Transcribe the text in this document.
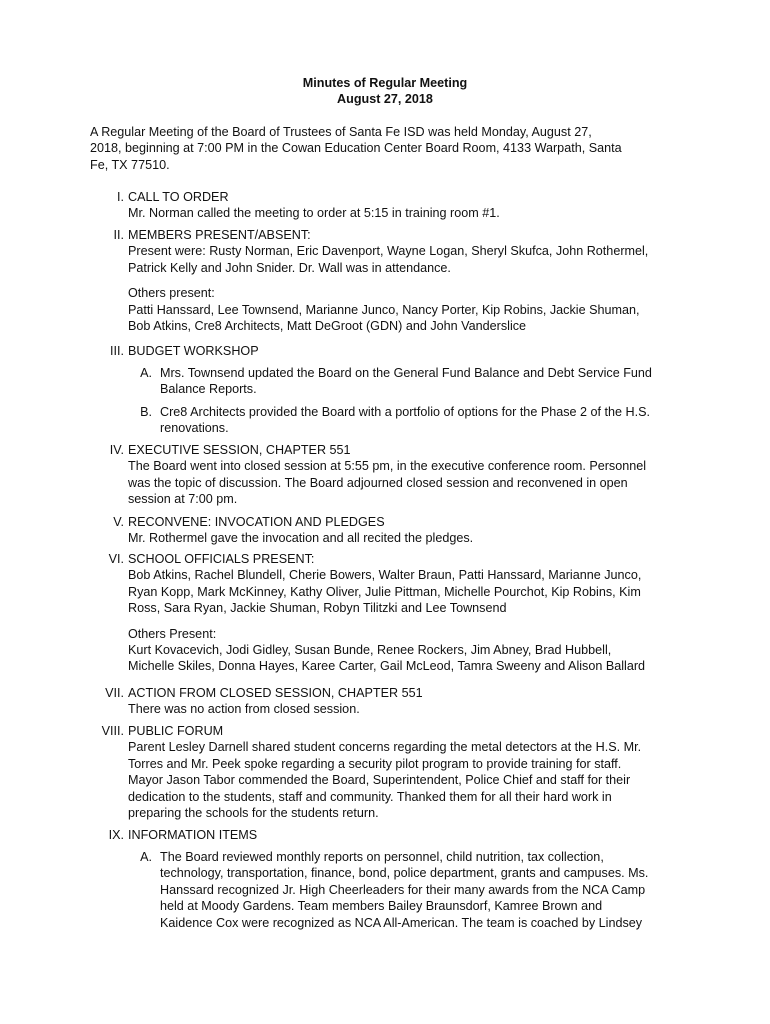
Minutes of Regular Meeting
August 27, 2018
A Regular Meeting of the Board of Trustees of Santa Fe ISD was held Monday, August 27,
2018, beginning at 7:00 PM in the Cowan Education Center Board Room, 4133 Warpath, Santa
Fe, TX 77510.
I. CALL TO ORDER
Mr. Norman called the meeting to order at 5:15 in training room #1.
II. MEMBERS PRESENT/ABSENT:
Present were: Rusty Norman, Eric Davenport, Wayne Logan, Sheryl Skufca, John Rothermel,
Patrick Kelly and John Snider. Dr. Wall was in attendance.
Others present:
Patti Hanssard, Lee Townsend, Marianne Junco, Nancy Porter, Kip Robins, Jackie Shuman,
Bob Atkins, Cre8 Architects, Matt DeGroot (GDN) and John Vanderslice
III. BUDGET WORKSHOP
A. Mrs. Townsend updated the Board on the General Fund Balance and Debt Service Fund
Balance Reports.
B. Cre8 Architects provided the Board with a portfolio of options for the Phase 2 of the H.S.
renovations.
IV. EXECUTIVE SESSION, CHAPTER 551
The Board went into closed session at 5:55 pm, in the executive conference room. Personnel
was the topic of discussion. The Board adjourned closed session and reconvened in open
session at 7:00 pm.
V. RECONVENE: INVOCATION AND PLEDGES
Mr. Rothermel gave the invocation and all recited the pledges.
VI. SCHOOL OFFICIALS PRESENT:
Bob Atkins, Rachel Blundell, Cherie Bowers, Walter Braun, Patti Hanssard, Marianne Junco,
Ryan Kopp, Mark McKinney, Kathy Oliver, Julie Pittman, Michelle Pourchot, Kip Robins, Kim
Ross, Sara Ryan, Jackie Shuman, Robyn Tilitzki and Lee Townsend
Others Present:
Kurt Kovacevich, Jodi Gidley, Susan Bunde, Renee Rockers, Jim Abney, Brad Hubbell,
Michelle Skiles, Donna Hayes, Karee Carter, Gail McLeod, Tamra Sweeny and Alison Ballard
VII. ACTION FROM CLOSED SESSION, CHAPTER 551
There was no action from closed session.
VIII. PUBLIC FORUM
Parent Lesley Darnell shared student concerns regarding the metal detectors at the H.S. Mr.
Torres and Mr. Peek spoke regarding a security pilot program to provide training for staff.
Mayor Jason Tabor commended the Board, Superintendent, Police Chief and staff for their
dedication to the students, staff and community. Thanked them for all their hard work in
preparing the schools for the students return.
IX. INFORMATION ITEMS
A. The Board reviewed monthly reports on personnel, child nutrition, tax collection,
technology, transportation, finance, bond, police department, grants and campuses. Ms.
Hanssard recognized Jr. High Cheerleaders for their many awards from the NCA Camp
held at Moody Gardens. Team members Bailey Braunsdorf, Kamree Brown and
Kaidence Cox were recognized as NCA All-American. The team is coached by Lindsey
